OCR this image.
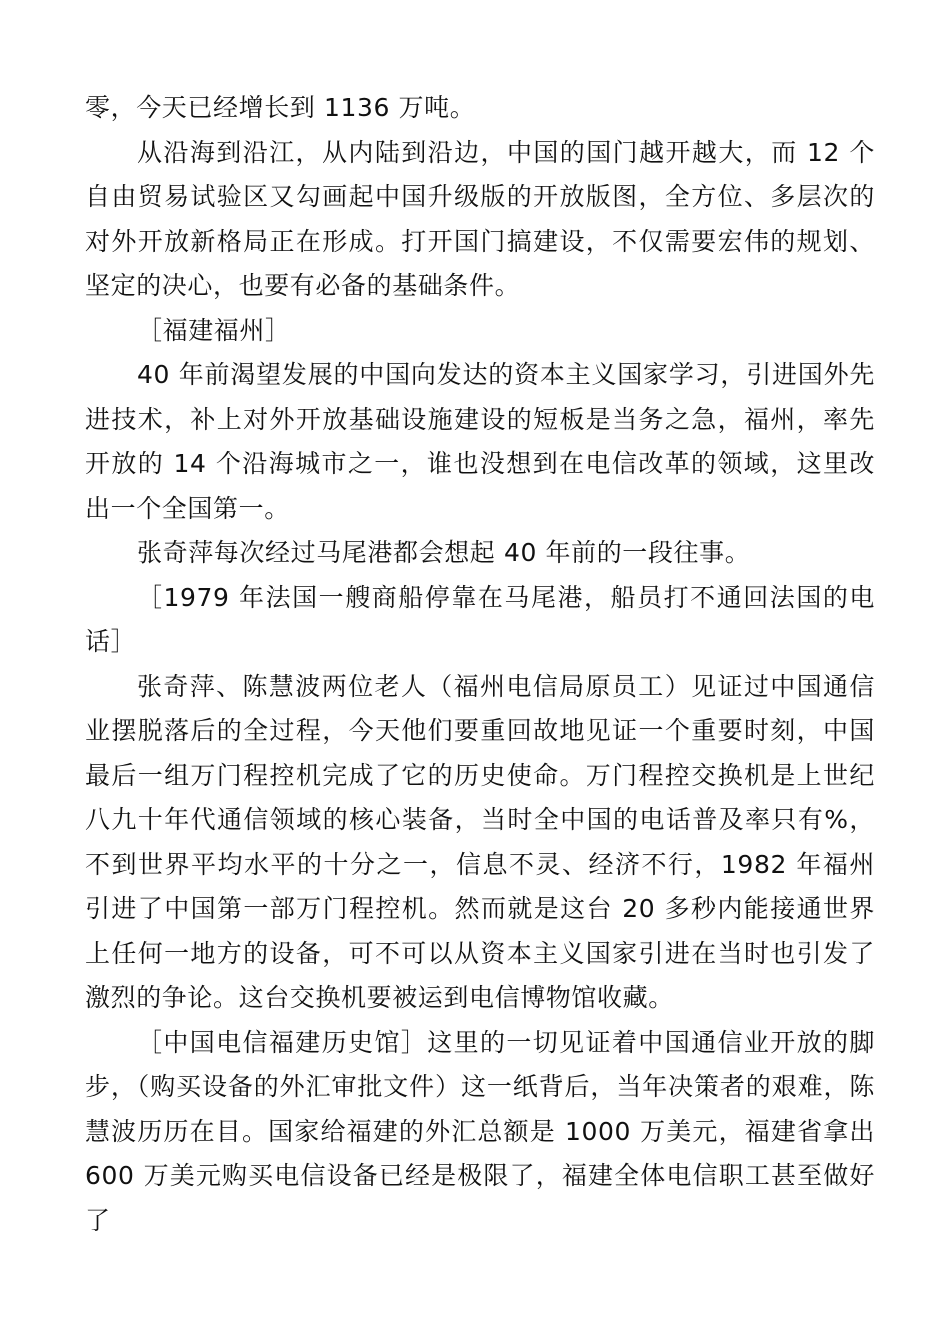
零，今天已经增长到 1136 万吨。

从沿海到沿江，从内陆到沿边，中国的国门越开越大，而 12 个自由贸易试验区又勾画起中国升级版的开放版图，全方位、多层次的对外开放新格局正在形成。打开国门搞建设，不仅需要宏伟的规划、坚定的决心，也要有必备的基础条件。

［福建福州］

40 年前渴望发展的中国向发达的资本主义国家学习，引进国外先进技术，补上对外开放基础设施建设的短板是当务之急，福州，率先开放的 14 个沿海城市之一，谁也没想到在电信改革的领域，这里改出一个全国第一。

张奇萍每次经过马尾港都会想起 40 年前的一段往事。

［1979 年法国一艘商船停靠在马尾港，船员打不通回法国的电话］

张奇萍、陈慧波两位老人（福州电信局原员工）见证过中国通信业摆脱落后的全过程，今天他们要重回故地见证一个重要时刻，中国最后一组万门程控机完成了它的历史使命。万门程控交换机是上世纪八九十年代通信领域的核心装备，当时全中国的电话普及率只有%，不到世界平均水平的十分之一，信息不灵、经济不行，1982 年福州引进了中国第一部万门程控机。然而就是这台 20 多秒内能接通世界上任何一地方的设备，可不可以从资本主义国家引进在当时也引发了激烈的争论。这台交换机要被运到电信博物馆收藏。

［中国电信福建历史馆］这里的一切见证着中国通信业开放的脚步，（购买设备的外汇审批文件）这一纸背后，当年决策者的艰难，陈慧波历历在目。国家给福建的外汇总额是 1000 万美元，福建省拿出 600 万美元购买电信设备已经是极限了，福建全体电信职工甚至做好了
